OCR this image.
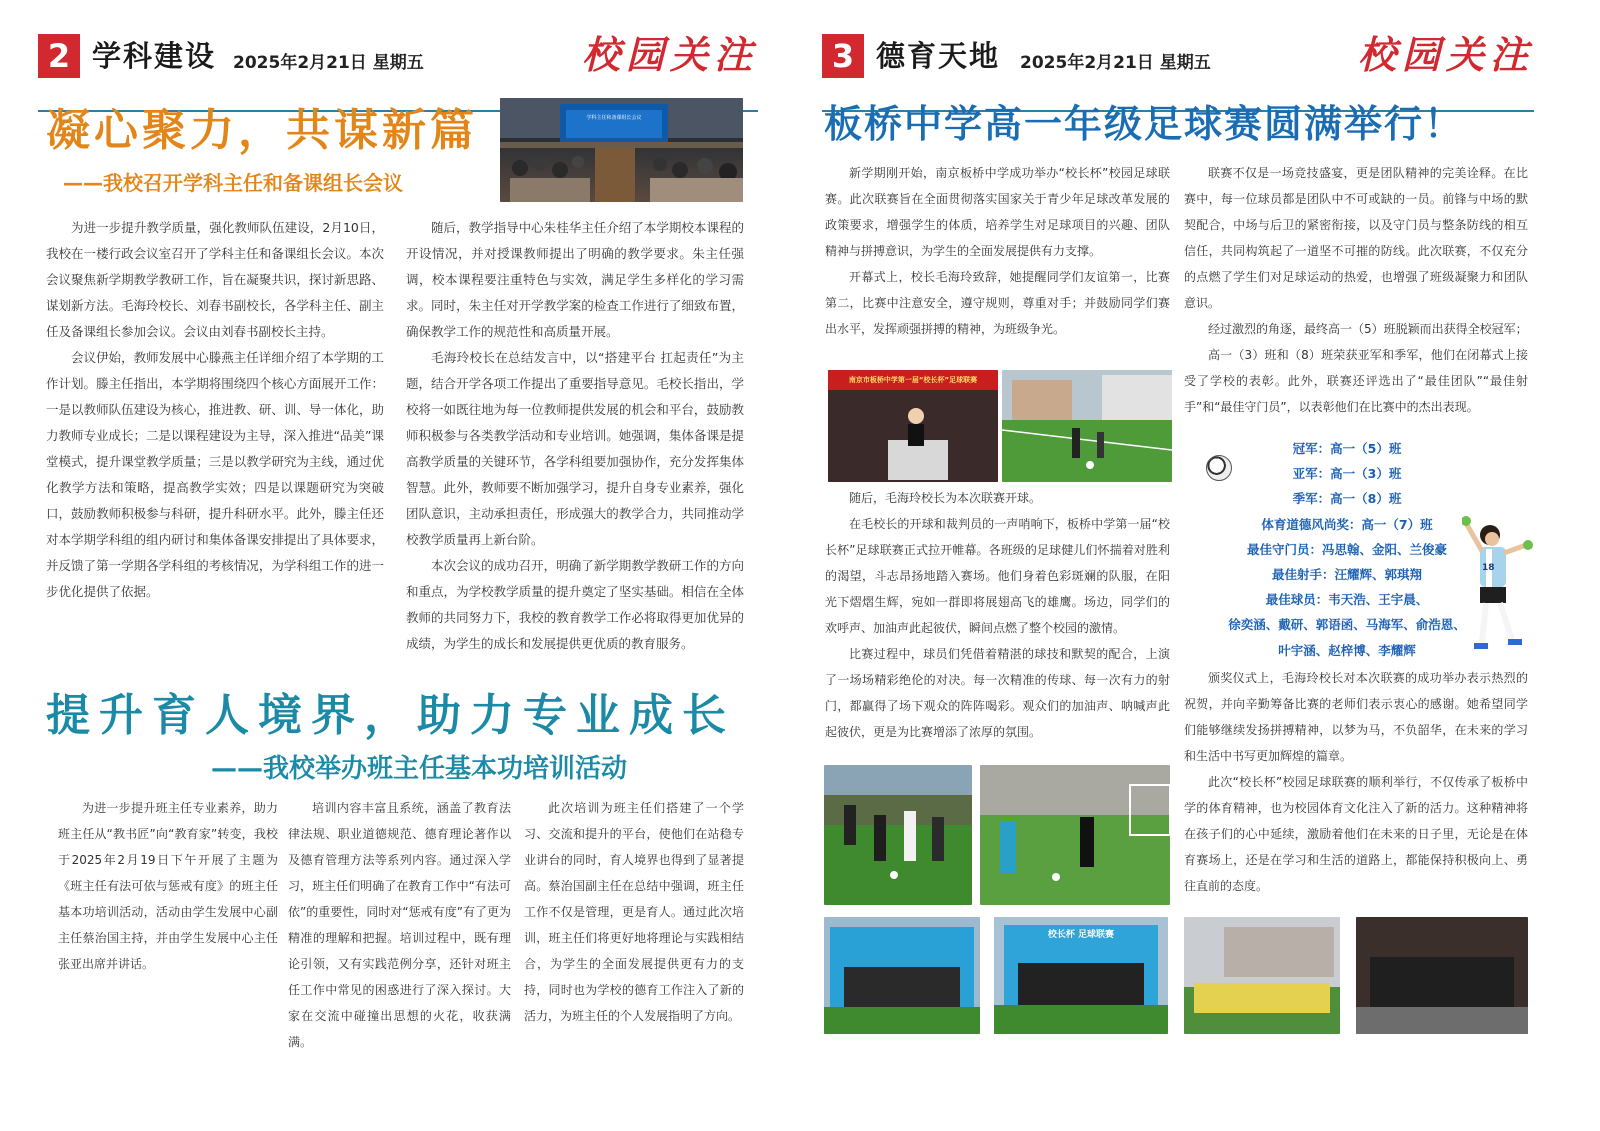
2 学科建设 2025年2月21日 星期五	校园关注
凝心聚力，共谋新篇
——我校召开学科主任和备课组长会议
学科主任和备课组长会议

为进一步提升教学质量，强化教师队伍建设，2月10日，我校在一楼行政会议室召开了学科主任和备课组长会议。本次会议聚焦新学期教学教研工作，旨在凝聚共识，探讨新思路、谋划新方法。毛海玲校长、刘春书副校长，各学科主任、副主任及备课组长参加会议。会议由刘春书副校长主持。

会议伊始，教师发展中心滕燕主任详细介绍了本学期的工作计划。滕主任指出，本学期将围绕四个核心方面展开工作：一是以教师队伍建设为核心，推进教、研、训、导一体化，助力教师专业成长；二是以课程建设为主导，深入推进“品美”课堂模式，提升课堂教学质量；三是以教学研究为主线，通过优化教学方法和策略，提高教学实效；四是以课题研究为突破口，鼓励教师积极参与科研，提升科研水平。此外，滕主任还对本学期学科组的组内研讨和集体备课安排提出了具体要求，并反馈了第一学期各学科组的考核情况，为学科组工作的进一步优化提供了依据。

随后，教学指导中心朱桂华主任介绍了本学期校本课程的开设情况，并对授课教师提出了明确的教学要求。朱主任强调，校本课程要注重特色与实效，满足学生多样化的学习需求。同时，朱主任对开学教学案的检查工作进行了细致布置，确保教学工作的规范性和高质量开展。

毛海玲校长在总结发言中，以“搭建平台 扛起责任”为主题，结合开学各项工作提出了重要指导意见。毛校长指出，学校将一如既往地为每一位教师提供发展的机会和平台，鼓励教师积极参与各类教学活动和专业培训。她强调，集体备课是提高教学质量的关键环节，各学科组要加强协作，充分发挥集体智慧。此外，教师要不断加强学习，提升自身专业素养，强化团队意识，主动承担责任，形成强大的教学合力，共同推动学校教学质量再上新台阶。

本次会议的成功召开，明确了新学期教学教研工作的方向和重点，为学校教学质量的提升奠定了坚实基础。相信在全体教师的共同努力下，我校的教育教学工作必将取得更加优异的成绩，为学生的成长和发展提供更优质的教育服务。

提升育人境界，助力专业成长
——我校举办班主任基本功培训活动

为进一步提升班主任专业素养，助力班主任从“教书匠”向“教育家”转变，我校于2025年2月19日下午开展了主题为《班主任有法可依与惩戒有度》的班主任基本功培训活动，活动由学生发展中心副主任蔡治国主持，并由学生发展中心主任张亚出席并讲话。

培训内容丰富且系统，涵盖了教育法律法规、职业道德规范、德育理论著作以及德育管理方法等系列内容。通过深入学习，班主任们明确了在教育工作中“有法可依”的重要性，同时对“惩戒有度”有了更为精准的理解和把握。培训过程中，既有理论引领，又有实践范例分享，还针对班主任工作中常见的困惑进行了深入探讨。大家在交流中碰撞出思想的火花，收获满满。

此次培训为班主任们搭建了一个学习、交流和提升的平台，使他们在站稳专业讲台的同时，育人境界也得到了显著提高。蔡治国副主任在总结中强调，班主任工作不仅是管理，更是育人。通过此次培训，班主任们将更好地将理论与实践相结合，为学生的全面发展提供更有力的支持，同时也为学校的德育工作注入了新的活力，为班主任的个人发展指明了方向。

3 德育天地 2025年2月21日 星期五	校园关注
板桥中学高一年级足球赛圆满举行！

新学期刚开始，南京板桥中学成功举办“校长杯”校园足球联赛。此次联赛旨在全面贯彻落实国家关于青少年足球改革发展的政策要求，增强学生的体质，培养学生对足球项目的兴趣、团队精神与拼搏意识，为学生的全面发展提供有力支撑。

开幕式上，校长毛海玲致辞，她提醒同学们友谊第一，比赛第二，比赛中注意安全，遵守规则，尊重对手；并鼓励同学们赛出水平，发挥顽强拼搏的精神，为班级争光。

南京市板桥中学第一届“校长杯”足球联赛

随后，毛海玲校长为本次联赛开球。

在毛校长的开球和裁判员的一声哨响下，板桥中学第一届“校长杯”足球联赛正式拉开帷幕。各班级的足球健儿们怀揣着对胜利的渴望，斗志昂扬地踏入赛场。他们身着色彩斑斓的队服，在阳光下熠熠生辉，宛如一群即将展翅高飞的雄鹰。场边，同学们的欢呼声、加油声此起彼伏，瞬间点燃了整个校园的激情。

比赛过程中，球员们凭借着精湛的球技和默契的配合，上演了一场场精彩绝伦的对决。每一次精准的传球、每一次有力的射门，都赢得了场下观众的阵阵喝彩。观众们的加油声、呐喊声此起彼伏，更是为比赛增添了浓厚的氛围。

联赛不仅是一场竞技盛宴，更是团队精神的完美诠释。在比赛中，每一位球员都是团队中不可或缺的一员。前锋与中场的默契配合，中场与后卫的紧密衔接，以及守门员与整条防线的相互信任，共同构筑起了一道坚不可摧的防线。此次联赛，不仅充分的点燃了学生们对足球运动的热爱，也增强了班级凝聚力和团队意识。

经过激烈的角逐，最终高一（5）班脱颖而出获得全校冠军；

高一（3）班和（8）班荣获亚军和季军，他们在闭幕式上接受了学校的表彰。此外，联赛还评选出了“最佳团队”“最佳射手”和“最佳守门员”，以表彰他们在比赛中的杰出表现。

冠军：高一（5）班
亚军：高一（3）班
季军：高一（8）班
体育道德风尚奖：高一（7）班
最佳守门员：冯思翰、金阳、兰俊豪
最佳射手：汪耀辉、郭琪翔
最佳球员：韦天浩、王宇晨、
徐奕涵、戴研、郭语函、马海军、俞浩恩、
叶宇涵、赵梓博、李耀辉
18

颁奖仪式上，毛海玲校长对本次联赛的成功举办表示热烈的祝贺，并向辛勤筹备比赛的老师们表示衷心的感谢。她希望同学们能够继续发扬拼搏精神，以梦为马，不负韶华，在未来的学习和生活中书写更加辉煌的篇章。

此次“校长杯”校园足球联赛的顺利举行，不仅传承了板桥中学的体育精神，也为校园体育文化注入了新的活力。这种精神将在孩子们的心中延续，激励着他们在未来的日子里，无论是在体育赛场上，还是在学习和生活的道路上，都能保持积极向上、勇往直前的态度。

校长杯 足球联赛
